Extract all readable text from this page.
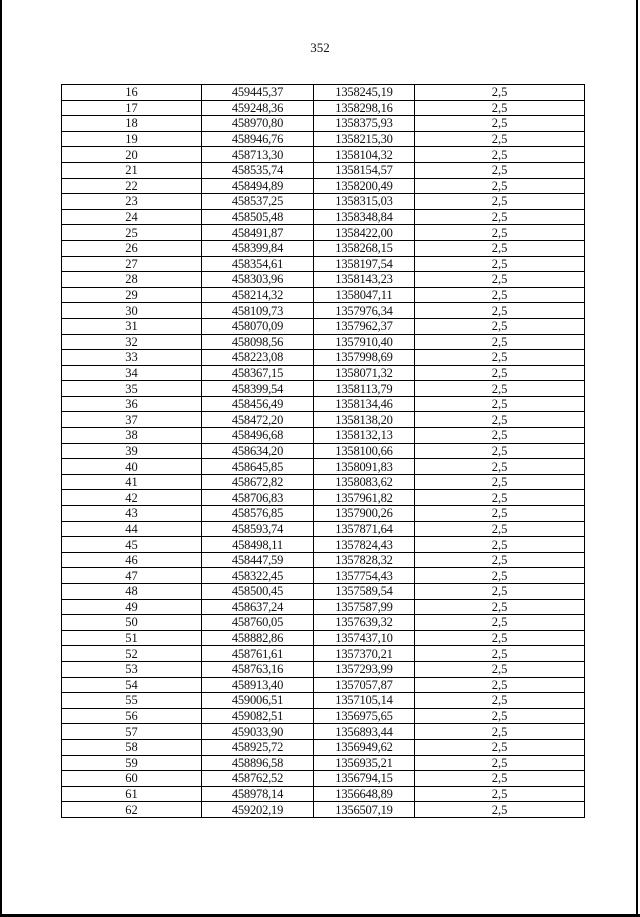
352
16	459445,37	1358245,19	2,5
17	459248,36	1358298,16	2,5
18	458970,80	1358375,93	2,5
19	458946,76	1358215,30	2,5
20	458713,30	1358104,32	2,5
21	458535,74	1358154,57	2,5
22	458494,89	1358200,49	2,5
23	458537,25	1358315,03	2,5
24	458505,48	1358348,84	2,5
25	458491,87	1358422,00	2,5
26	458399,84	1358268,15	2,5
27	458354,61	1358197,54	2,5
28	458303,96	1358143,23	2,5
29	458214,32	1358047,11	2,5
30	458109,73	1357976,34	2,5
31	458070,09	1357962,37	2,5
32	458098,56	1357910,40	2,5
33	458223,08	1357998,69	2,5
34	458367,15	1358071,32	2,5
35	458399,54	1358113,79	2,5
36	458456,49	1358134,46	2,5
37	458472,20	1358138,20	2,5
38	458496,68	1358132,13	2,5
39	458634,20	1358100,66	2,5
40	458645,85	1358091,83	2,5
41	458672,82	1358083,62	2,5
42	458706,83	1357961,82	2,5
43	458576,85	1357900,26	2,5
44	458593,74	1357871,64	2,5
45	458498,11	1357824,43	2,5
46	458447,59	1357828,32	2,5
47	458322,45	1357754,43	2,5
48	458500,45	1357589,54	2,5
49	458637,24	1357587,99	2,5
50	458760,05	1357639,32	2,5
51	458882,86	1357437,10	2,5
52	458761,61	1357370,21	2,5
53	458763,16	1357293,99	2,5
54	458913,40	1357057,87	2,5
55	459006,51	1357105,14	2,5
56	459082,51	1356975,65	2,5
57	459033,90	1356893,44	2,5
58	458925,72	1356949,62	2,5
59	458896,58	1356935,21	2,5
60	458762,52	1356794,15	2,5
61	458978,14	1356648,89	2,5
62	459202,19	1356507,19	2,5
